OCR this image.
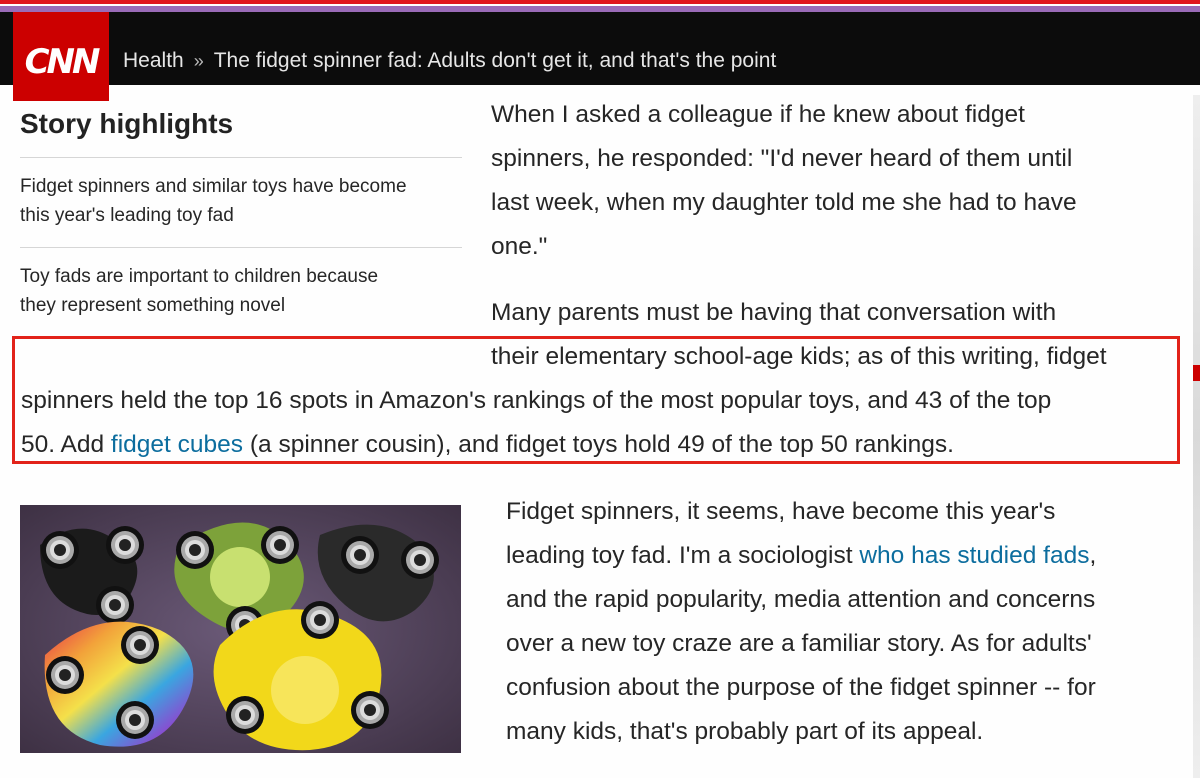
Health » The fidget spinner fad: Adults don't get it, and that's the point
CNN
Story highlights
Fidget spinners and similar toys have become
this year's leading toy fad
Toy fads are important to children because
they represent something novel
When I asked a colleague if he knew about fidget
spinners, he responded: "I'd never heard of them until
last week, when my daughter told me she had to have
one."
Many parents must be having that conversation with
their elementary school-age kids; as of this writing, fidget
spinners held the top 16 spots in Amazon's rankings of the most popular toys, and 43 of the top
50. Add fidget cubes (a spinner cousin), and fidget toys hold 49 of the top 50 rankings.
Fidget spinners, it seems, have become this year's
leading toy fad. I'm a sociologist who has studied fads,
and the rapid popularity, media attention and concerns
over a new toy craze are a familiar story. As for adults'
confusion about the purpose of the fidget spinner -- for
many kids, that's probably part of its appeal.
